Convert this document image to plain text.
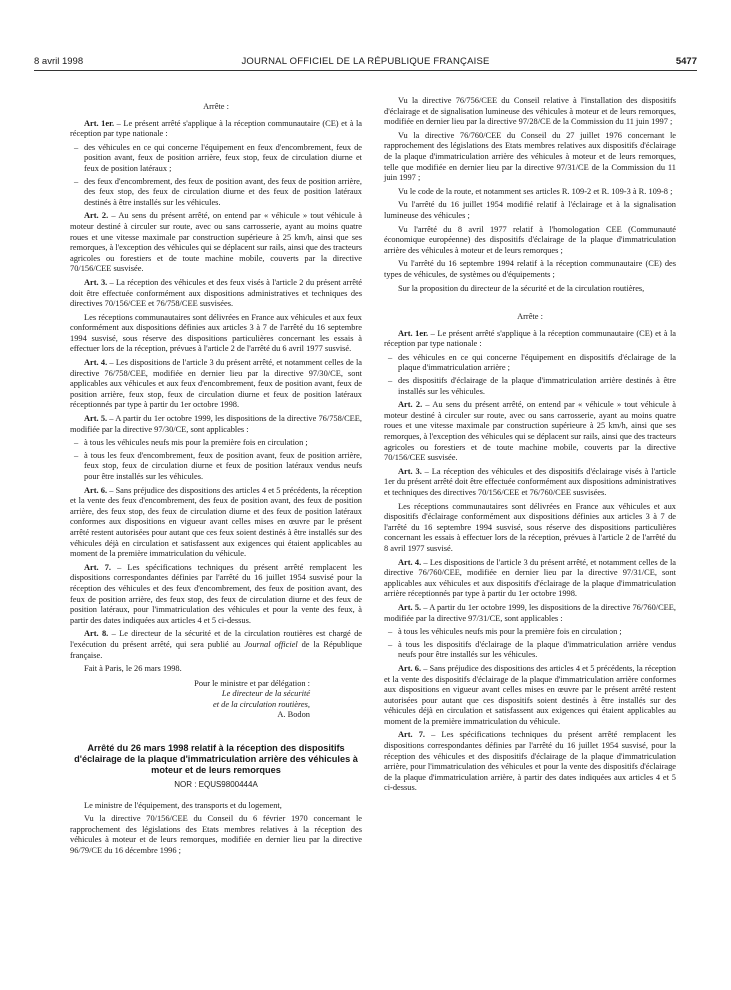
8 avril 1998	JOURNAL OFFICIEL DE LA RÉPUBLIQUE FRANÇAISE	5477

Arrête :

Art. 1er. – Le présent arrêté s'applique à la réception communautaire (CE) et à la réception par type nationale :

– des véhicules en ce qui concerne l'équipement en feux d'encombrement, feux de position avant, feux de position arrière, feux stop, feux de circulation diurne et feux de position latéraux ;
– des feux d'encombrement, des feux de position avant, des feux de position arrière, des feux stop, des feux de circulation diurne et des feux de position latéraux destinés à être installés sur les véhicules.

Art. 2. – Au sens du présent arrêté, on entend par « véhicule » tout véhicule à moteur destiné à circuler sur route, avec ou sans carrosserie, ayant au moins quatre roues et une vitesse maximale par construction supérieure à 25 km/h, ainsi que ses remorques, à l'exception des véhicules qui se déplacent sur rails, ainsi que des tracteurs agricoles ou forestiers et de toute machine mobile, couverts par la directive 70/156/CEE susvisée.

Art. 3. – La réception des véhicules et des feux visés à l'article 2 du présent arrêté doit être effectuée conformément aux dispositions administratives et techniques des directives 70/156/CEE et 76/758/CEE susvisées.

Les réceptions communautaires sont délivrées en France aux véhicules et aux feux conformément aux dispositions définies aux articles 3 à 7 de l'arrêté du 16 septembre 1994 susvisé, sous réserve des dispositions particulières concernant les essais à effectuer lors de la réception, prévues à l'article 2 de l'arrêté du 6 avril 1977 susvisé.

Art. 4. – Les dispositions de l'article 3 du présent arrêté, et notamment celles de la directive 76/758/CEE, modifiée en dernier lieu par la directive 97/30/CE, sont applicables aux véhicules et aux feux d'encombrement, feux de position avant, feux de position arrière, feux stop, feux de circulation diurne et feux de position latéraux réceptionnés par type à partir du 1er octobre 1998.

Art. 5. – A partir du 1er octobre 1999, les dispositions de la directive 76/758/CEE, modifiée par la directive 97/30/CE, sont applicables :

– à tous les véhicules neufs mis pour la première fois en circulation ;
– à tous les feux d'encombrement, feux de position avant, feux de position arrière, feux stop, feux de circulation diurne et feux de position latéraux vendus neufs pour être installés sur les véhicules.

Art. 6. – Sans préjudice des dispositions des articles 4 et 5 précédents, la réception et la vente des feux d'encombrement, des feux de position avant, des feux de position arrière, des feux stop, des feux de circulation diurne et des feux de position latéraux conformes aux dispositions en vigueur avant celles mises en œuvre par le présent arrêté restent autorisées pour autant que ces feux soient destinés à être installés sur des véhicules déjà en circulation et satisfassent aux exigences qui étaient applicables au moment de la première immatriculation du véhicule.

Art. 7. – Les spécifications techniques du présent arrêté remplacent les dispositions correspondantes définies par l'arrêté du 16 juillet 1954 susvisé pour la réception des véhicules et des feux d'encombrement, des feux de position avant, des feux de position arrière, des feux stop, des feux de circulation diurne et des feux de position latéraux, pour l'immatriculation des véhicules et pour la vente des feux, à partir des dates indiquées aux articles 4 et 5 ci-dessus.

Art. 8. – Le directeur de la sécurité et de la circulation routières est chargé de l'exécution du présent arrêté, qui sera publié au Journal officiel de la République française.

Fait à Paris, le 26 mars 1998.

Pour le ministre et par délégation :
Le directeur de la sécurité
et de la circulation routières,
A. Bodon
Arrêté du 26 mars 1998 relatif à la réception des dispositifs d'éclairage de la plaque d'immatriculation arrière des véhicules à moteur et de leurs remorques
NOR : EQUS9800444A

Le ministre de l'équipement, des transports et du logement,

Vu la directive 70/156/CEE du Conseil du 6 février 1970 concernant le rapprochement des législations des Etats membres relatives à la réception des véhicules à moteur et de leurs remorques, modifiée en dernier lieu par la directive 96/79/CE du 16 décembre 1996 ;

Vu la directive 76/756/CEE du Conseil relative à l'installation des dispositifs d'éclairage et de signalisation lumineuse des véhicules à moteur et de leurs remorques, modifiée en dernier lieu par la directive 97/28/CE de la Commission du 11 juin 1997 ;

Vu la directive 76/760/CEE du Conseil du 27 juillet 1976 concernant le rapprochement des législations des Etats membres relatives aux dispositifs d'éclairage de la plaque d'immatriculation arrière des véhicules à moteur et de leurs remorques, telle que modifiée en dernier lieu par la directive 97/31/CE de la Commission du 11 juin 1997 ;

Vu le code de la route, et notamment ses articles R. 109-2 et R. 109-3 à R. 109-8 ;

Vu l'arrêté du 16 juillet 1954 modifié relatif à l'éclairage et à la signalisation lumineuse des véhicules ;

Vu l'arrêté du 8 avril 1977 relatif à l'homologation CEE (Communauté économique européenne) des dispositifs d'éclairage de la plaque d'immatriculation arrière des véhicules à moteur et de leurs remorques ;

Vu l'arrêté du 16 septembre 1994 relatif à la réception communautaire (CE) des types de véhicules, de systèmes ou d'équipements ;

Sur la proposition du directeur de la sécurité et de la circulation routières,

Arrête :

Art. 1er. – Le présent arrêté s'applique à la réception communautaire (CE) et à la réception par type nationale :

– des véhicules en ce qui concerne l'équipement en dispositifs d'éclairage de la plaque d'immatriculation arrière ;
– des dispositifs d'éclairage de la plaque d'immatriculation arrière destinés à être installés sur les véhicules.

Art. 2. – Au sens du présent arrêté, on entend par « véhicule » tout véhicule à moteur destiné à circuler sur route, avec ou sans carrosserie, ayant au moins quatre roues et une vitesse maximale par construction supérieure à 25 km/h, ainsi que ses remorques, à l'exception des véhicules qui se déplacent sur rails, ainsi que des tracteurs agricoles ou forestiers et de toute machine mobile, couverts par la directive 70/156/CEE susvisée.

Art. 3. – La réception des véhicules et des dispositifs d'éclairage visés à l'article 1er du présent arrêté doit être effectuée conformément aux dispositions administratives et techniques des directives 70/156/CEE et 76/760/CEE susvisées.

Les réceptions communautaires sont délivrées en France aux véhicules et aux dispositifs d'éclairage conformément aux dispositions définies aux articles 3 à 7 de l'arrêté du 16 septembre 1994 susvisé, sous réserve des dispositions particulières concernant les essais à effectuer lors de la réception, prévues à l'article 2 de l'arrêté du 8 avril 1977 susvisé.

Art. 4. – Les dispositions de l'article 3 du présent arrêté, et notamment celles de la directive 76/760/CEE, modifiée en dernier lieu par la directive 97/31/CE, sont applicables aux véhicules et aux dispositifs d'éclairage de la plaque d'immatriculation arrière réceptionnés par type à partir du 1er octobre 1998.

Art. 5. – A partir du 1er octobre 1999, les dispositions de la directive 76/760/CEE, modifiée par la directive 97/31/CE, sont applicables :

– à tous les véhicules neufs mis pour la première fois en circulation ;
– à tous les dispositifs d'éclairage de la plaque d'immatriculation arrière vendus neufs pour être installés sur les véhicules.

Art. 6. – Sans préjudice des dispositions des articles 4 et 5 précédents, la réception et la vente des dispositifs d'éclairage de la plaque d'immatriculation arrière conformes aux dispositions en vigueur avant celles mises en œuvre par le présent arrêté restent autorisées pour autant que ces dispositifs soient destinés à être installés sur des véhicules déjà en circulation et satisfassent aux exigences qui étaient applicables au moment de la première immatriculation du véhicule.

Art. 7. – Les spécifications techniques du présent arrêté remplacent les dispositions correspondantes définies par l'arrêté du 16 juillet 1954 susvisé, pour la réception des véhicules et des dispositifs d'éclairage de la plaque d'immatriculation arrière, pour l'immatriculation des véhicules et pour la vente des dispositifs d'éclairage de la plaque d'immatriculation arrière, à partir des dates indiquées aux articles 4 et 5 ci-dessus.
